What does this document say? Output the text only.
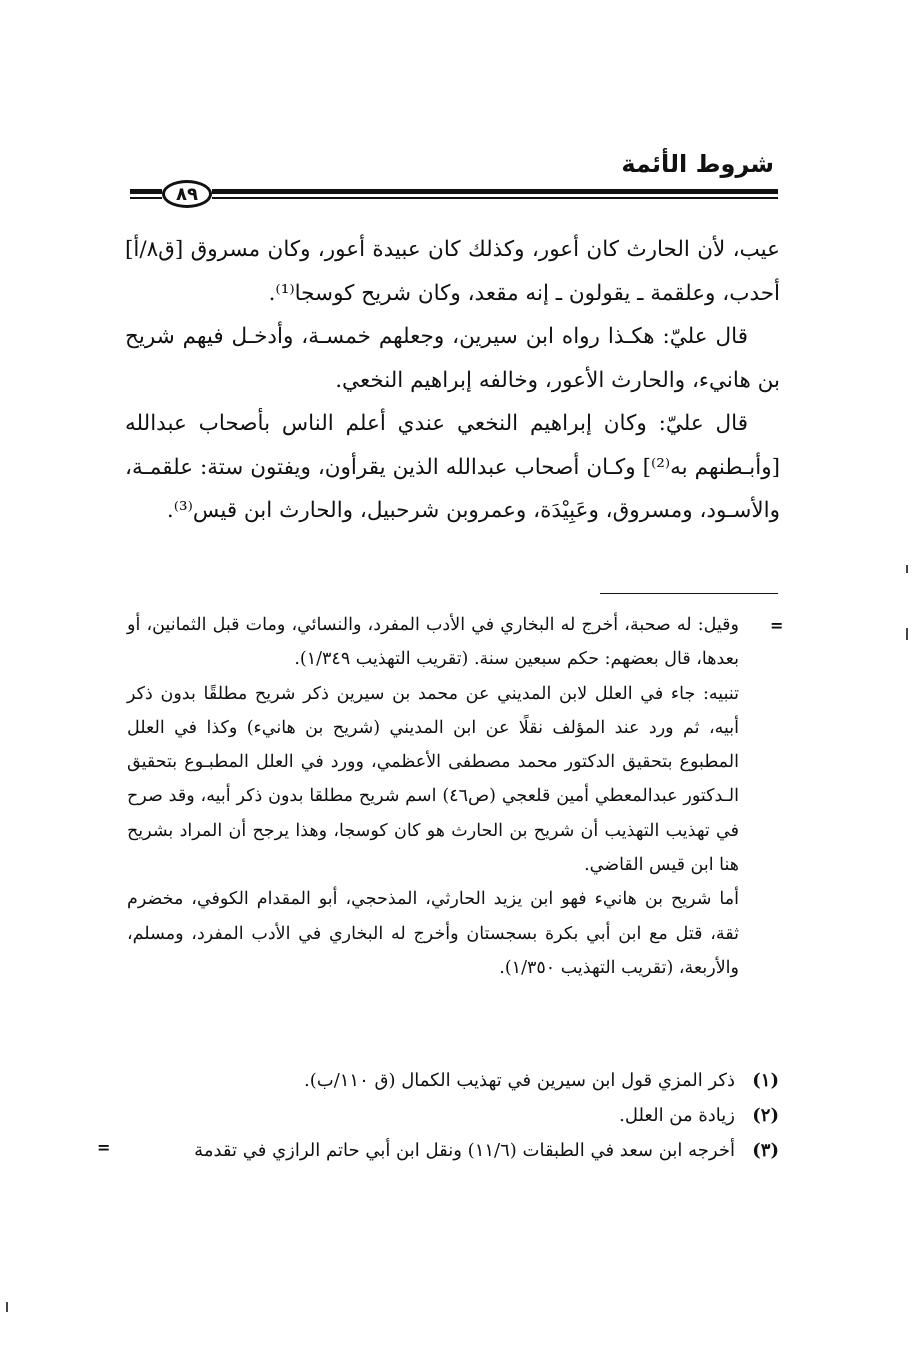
شروط الأئمة
٨٩

عيب، لأن الحارث كان أعور، وكذلك كان عبيدة أعور، وكان مسروق [ق٨/أ] أحدب، وعلقمة ـ يقولون ـ إنه مقعد، وكان شريح كوسجا⁽¹⁾.

قال عليّ: هكـذا رواه ابن سيرين، وجعلهم خمسـة، وأدخـل فيهم شريح بن هانيء، والحارث الأعور، وخالفه إبراهيم النخعي.

قال عليّ: وكان إبراهيم النخعي عندي أعلم الناس بأصحاب عبدالله [وأبـطنهم به⁽²⁾] وكـان أصحاب عبدالله الذين يقرأون، ويفتون ستة: علقمـة، والأسـود، ومسروق، وعَبِيْدَة، وعمروبن شرحبيل، والحارث ابن قيس⁽³⁾.

=

وقيل: له صحبة، أخرج له البخاري في الأدب المفرد، والنسائي، ومات قبل الثمانين، أو بعدها، قال بعضهم: حكم سبعين سنة. (تقريب التهذيب ١/٣٤٩).

تنبيه: جاء في العلل لابن المديني عن محمد بن سيرين ذكر شريح مطلقًا بدون ذكر أبيه، ثم ورد عند المؤلف نقلًا عن ابن المديني (شريح بن هانيء) وكذا في العلل المطبوع بتحقيق الدكتور محمد مصطفى الأعظمي، وورد في العلل المطبـوع بتحقيق الـدكتور عبدالمعطي أمين قلعجي (ص٤٦) اسم شريح مطلقا بدون ذكر أبيه، وقد صرح في تهذيب التهذيب أن شريح بن الحارث هو كان كوسجا، وهذا يرجح أن المراد بشريح هنا ابن قيس القاضي.

أما شريح بن هانيء فهو ابن يزيد الحارثي، المذحجي، أبو المقدام الكوفي، مخضرم ثقة، قتل مع ابن أبي بكرة بسجستان وأخرج له البخاري في الأدب المفرد، ومسلم، والأربعة، (تقريب التهذيب ١/٣٥٠).

(١)
ذكر المزي قول ابن سيرين في تهذيب الكمال (ق ١١٠/ب).
(٢)
زيادة من العلل.
(٣)
أخرجه ابن سعد في الطبقات (١١/٦) ونقل ابن أبي حاتم الرازي في تقدمة
=
